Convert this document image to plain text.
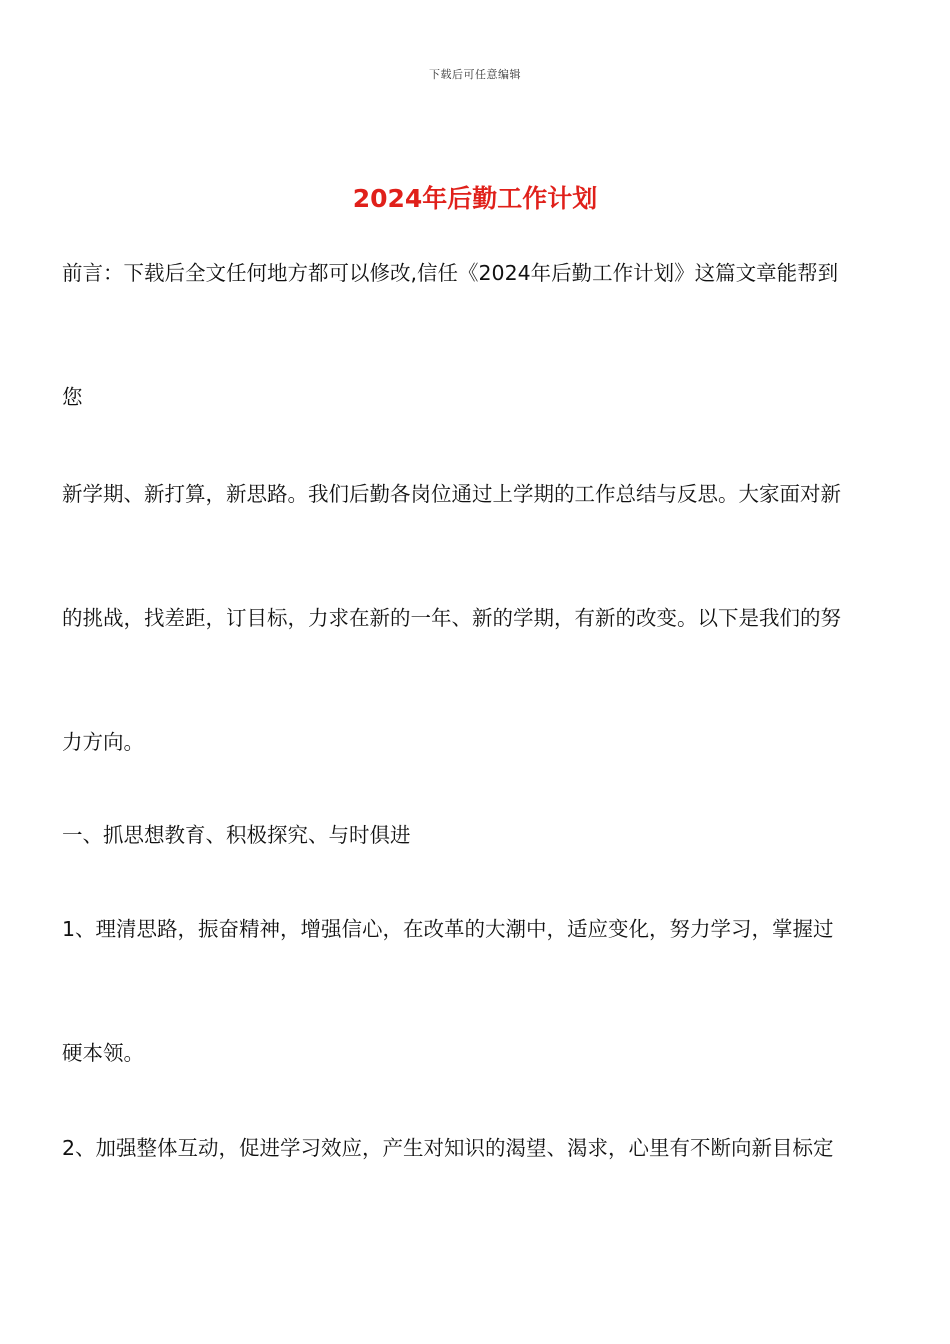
下载后可任意编辑
2024年后勤工作计划
前言：下载后全文任何地方都可以修改,信任《2024年后勤工作计划》这篇文章能帮到
您
新学期、新打算，新思路。我们后勤各岗位通过上学期的工作总结与反思。大家面对新
的挑战，找差距，订目标，力求在新的一年、新的学期，有新的改变。以下是我们的努
力方向。
一、抓思想教育、积极探究、与时俱进
1、理清思路，振奋精神，增强信心，在改革的大潮中，适应变化，努力学习，掌握过
硬本领。
2、加强整体互动，促进学习效应，产生对知识的渴望、渴求，心里有不断向新目标定
